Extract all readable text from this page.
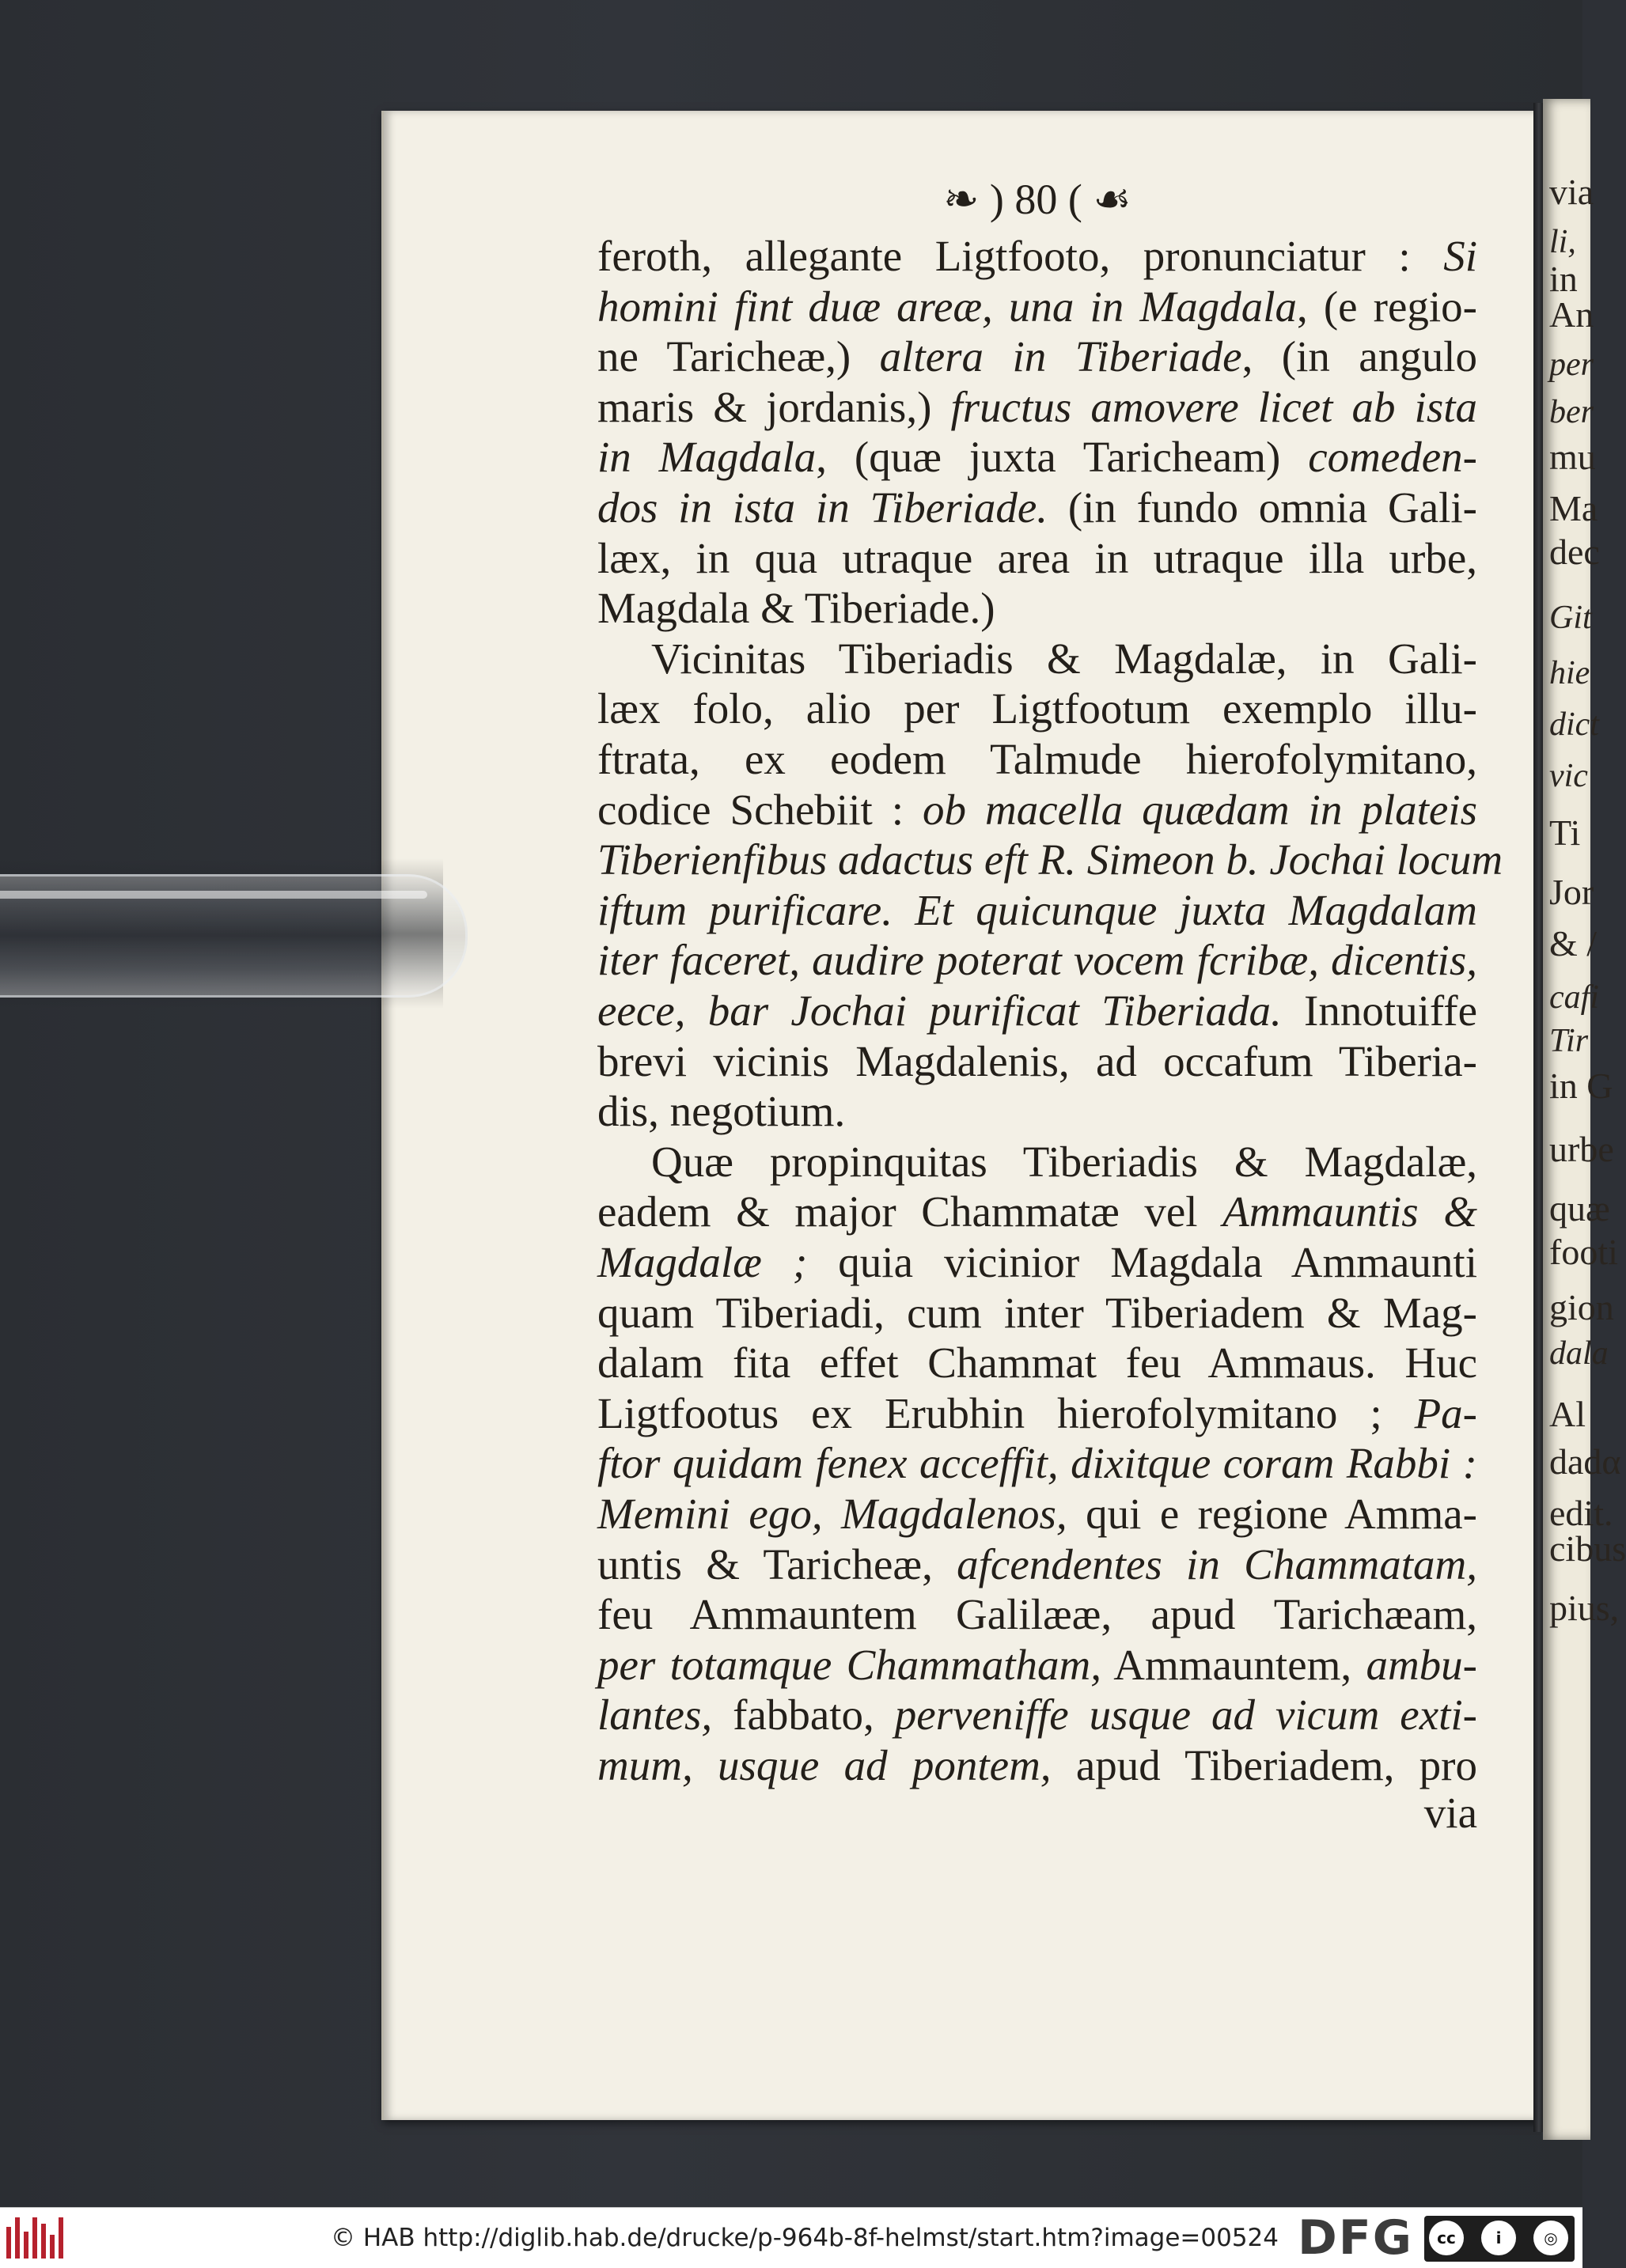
via
li,
in
An
per
ber
mu
Ma
dec
Git
hie
dict
vic
Ti
Jor
& /
cafi
Tir
in G
urbe
quæ
footi
gion
dala
Al
dadα
edit.
cibus
pius,
❧ ) 80 ( ☙
feroth, allegante Ligtfooto, pronunciatur : Si
homini fint duæ areæ, una in Magdala, (e regio-
ne Taricheæ,) altera in Tiberiade, (in angulo
maris & jordanis,) fructus amovere licet ab ista
in Magdala, (quæ juxta Taricheam) comeden-
dos in ista in Tiberiade. (in fundo omnia Gali-
læx, in qua utraque area in utraque illa urbe,
Magdala & Tiberiade.)
Vicinitas Tiberiadis & Magdalæ, in Gali-
læx folo, alio per Ligtfootum exemplo illu-
ftrata, ex eodem Talmude hierofolymitano,
codice Schebiit : ob macella quædam in plateis
Tiberienfibus adactus eft R. Simeon b. Jochai locum
iftum purificare. Et quicunque juxta Magdalam
iter faceret, audire poterat vocem fcribæ, dicentis,
eece, bar Jochai purificat Tiberiada. Innotuiffe
brevi vicinis Magdalenis, ad occafum Tiberia-
dis, negotium.
Quæ propinquitas Tiberiadis & Magdalæ,
eadem & major Chammatæ vel Ammauntis &
Magdalæ ; quia vicinior Magdala Ammaunti
quam Tiberiadi, cum inter Tiberiadem & Mag-
dalam fita effet Chammat feu Ammaus. Huc
Ligtfootus ex Erubhin hierofolymitano ; Pa-
ftor quidam fenex acceffit, dixitque coram Rabbi :
Memini ego, Magdalenos, qui e regione Amma-
untis & Taricheæ, afcendentes in Chammatam,
feu Ammauntem Galilææ, apud Tarichæam,
per totamque Chammatham, Ammauntem, ambu-
lantes, fabbato, perveniffe usque ad vicum exti-
mum, usque ad pontem, apud Tiberiadem, pro
via
© HAB http://diglib.hab.de/drucke/p-964b-8f-helmst/start.htm?image=00524 DFG	cc	i	◎
